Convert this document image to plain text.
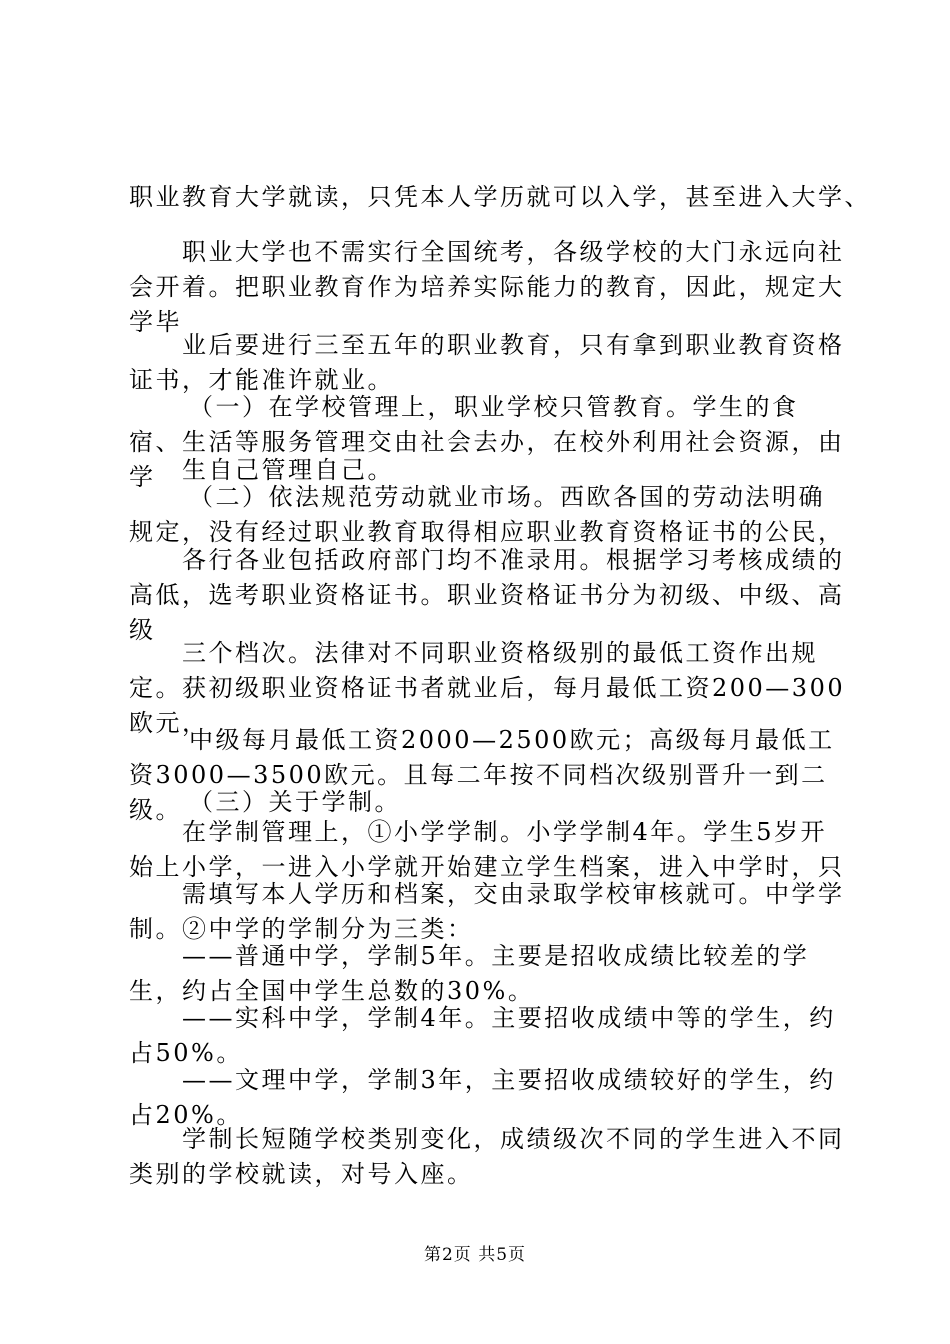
职业教育大学就读，只凭本人学历就可以入学，甚至进入大学、

职业大学也不需实行全国统考，各级学校的大门永远向社会开着。把职业教育作为培养实际能力的教育，因此，规定大学毕

业后要进行三至五年的职业教育，只有拿到职业教育资格证书，才能准许就业。

（一）在学校管理上，职业学校只管教育。学生的食宿、生活等服务管理交由社会去办，在校外利用社会资源，由学	生自己管理自己。

（二）依法规范劳动就业市场。西欧各国的劳动法明确规定，没有经过职业教育取得相应职业教育资格证书的公民，

各行各业包括政府部门均不准录用。根据学习考核成绩的高低，选考职业资格证书。职业资格证书分为初级、中级、高级

三个档次。法律对不同职业资格级别的最低工资作出规定。获初级职业资格证书者就业后，每月最低工资200—300欧元，

中级每月最低工资2000—2500欧元；高级每月最低工资3000—3500欧元。且每二年按不同档次级别晋升一到二级。 （三）关于学制。

在学制管理上，①小学学制。小学学制4年。学生5岁开始上小学，一进入小学就开始建立学生档案，进入中学时，只

需填写本人学历和档案，交由录取学校审核就可。中学学制。②中学的学制分为三类：

——普通中学，学制5年。主要是招收成绩比较差的学生，约占全国中学生总数的30%。

——实科中学，学制4年。主要招收成绩中等的学生，约占50%。

——文理中学，学制3年，主要招收成绩较好的学生，约占20%。

学制长短随学校类别变化，成绩级次不同的学生进入不同类别的学校就读，对号入座。

第2页 共5页
